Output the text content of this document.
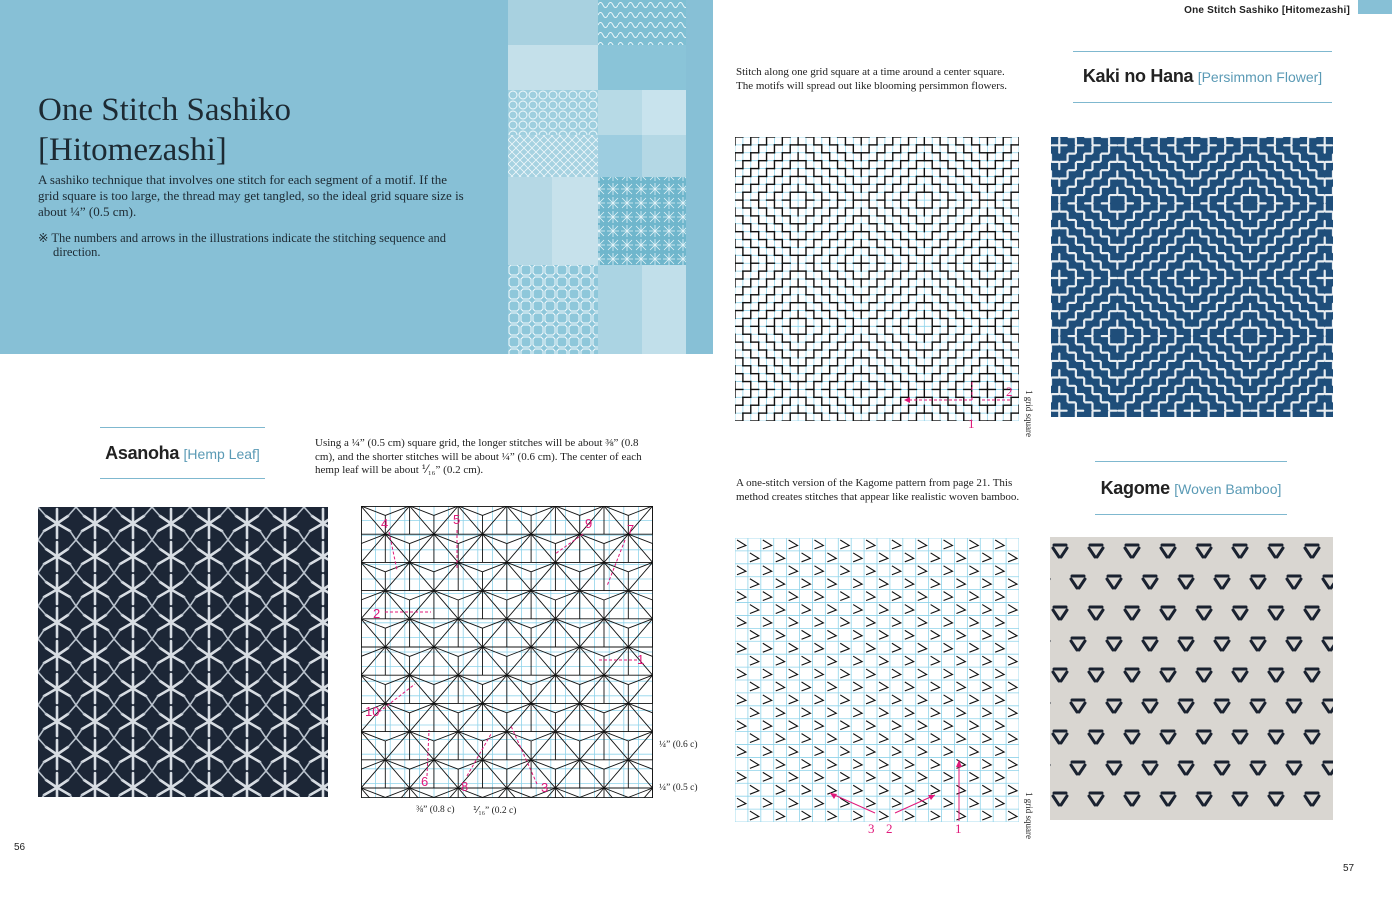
One Stitch Sashiko
[Hitomezashi]
A sashiko technique that involves one stitch for each segment of a motif. If the grid square is too large, the thread may get tangled, so the ideal grid square size is about ¼” (0.5 cm).
※ The numbers and arrows in the illustrations indicate the stitching sequence and
direction.
One Stitch Sashiko [Hitomezashi]
Asanoha [Hemp Leaf]
Using a ¼” (0.5 cm) square grid, the longer stitches will be about ⅜” (0.8 cm), and the shorter stitches will be about ¼” (0.6 cm). The center of each hemp leaf will be about ⅟₁₆” (0.2 cm).
1
2
3
4	5
6
7
8
9
10
¼” (0.6 c)
¼” (0.5 c)
⅜” (0.8 c) ⅟₁₆” (0.2 c)
Stitch along one grid square at a time around a center square.
The motifs will spread out like blooming persimmon flowers.	Kaki no Hana [Persimmon Flower]
1
2 1 grid square
A one-stitch version of the Kagome pattern from page 21. This
method creates stitches that appear like realistic woven bamboo.	Kagome [Woven Bamboo]
3 2	1	1 grid square
56
57
